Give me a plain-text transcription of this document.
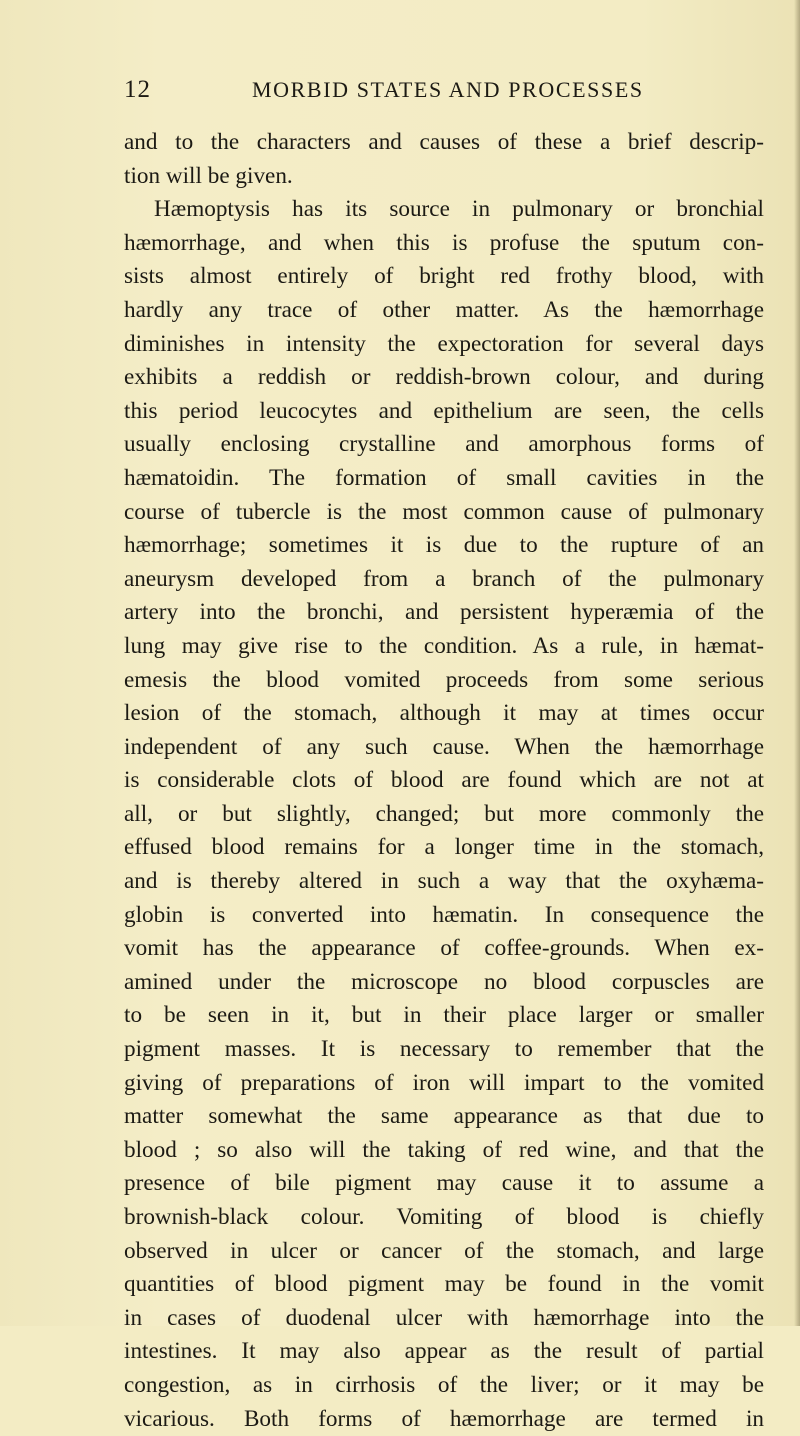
12	MORBID STATES AND PROCESSES
and to the characters and causes of these a brief descrip-
tion will be given.
Hæmoptysis has its source in pulmonary or bronchial
hæmorrhage, and when this is profuse the sputum con-
sists almost entirely of bright red frothy blood, with
hardly any trace of other matter. As the hæmorrhage
diminishes in intensity the expectoration for several days
exhibits a reddish or reddish-brown colour, and during
this period leucocytes and epithelium are seen, the cells
usually enclosing crystalline and amorphous forms of
hæmatoidin. The formation of small cavities in the
course of tubercle is the most common cause of pulmonary
hæmorrhage; sometimes it is due to the rupture of an
aneurysm developed from a branch of the pulmonary
artery into the bronchi, and persistent hyperæmia of the
lung may give rise to the condition. As a rule, in hæmat-
emesis the blood vomited proceeds from some serious
lesion of the stomach, although it may at times occur
independent of any such cause. When the hæmorrhage
is considerable clots of blood are found which are not at
all, or but slightly, changed; but more commonly the
effused blood remains for a longer time in the stomach,
and is thereby altered in such a way that the oxyhæma-
globin is converted into hæmatin. In consequence the
vomit has the appearance of coffee-grounds. When ex-
amined under the microscope no blood corpuscles are
to be seen in it, but in their place larger or smaller
pigment masses. It is necessary to remember that the
giving of preparations of iron will impart to the vomited
matter somewhat the same appearance as that due to
blood ; so also will the taking of red wine, and that the
presence of bile pigment may cause it to assume a
brownish-black colour. Vomiting of blood is chiefly
observed in ulcer or cancer of the stomach, and large
quantities of blood pigment may be found in the vomit
in cases of duodenal ulcer with hæmorrhage into the
intestines. It may also appear as the result of partial
congestion, as in cirrhosis of the liver; or it may be
vicarious. Both forms of hæmorrhage are termed in
